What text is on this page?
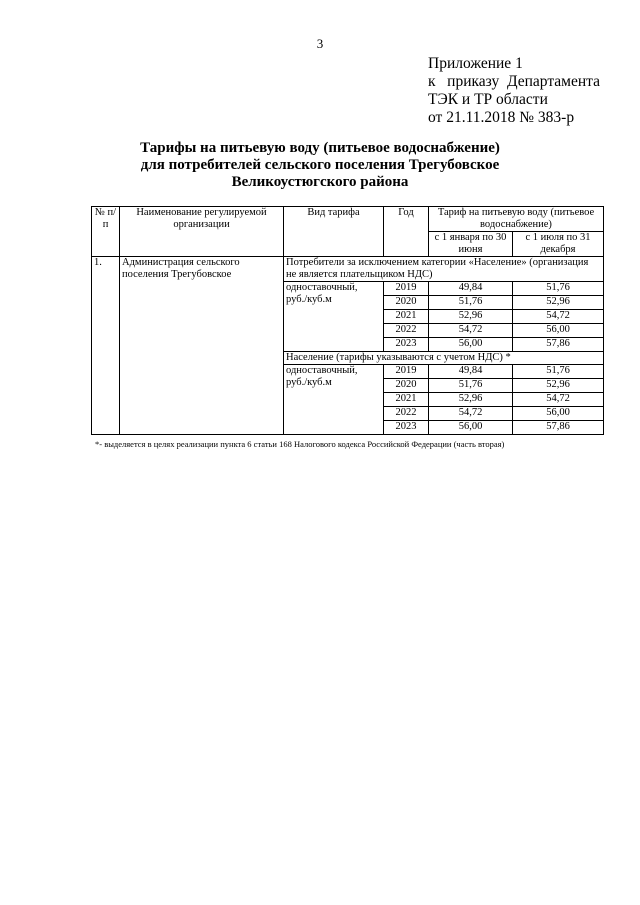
3
Приложение 1
к   приказу  Департамента
ТЭК и ТР области
от 21.11.2018 № 383-р
Тарифы на питьевую воду (питьевое водоснабжение)
для потребителей сельского поселения Трегубовское
Великоустюгского района
№ п/п	Наименование регулируемой организации	Вид тарифа	Год	Тариф на питьевую воду (питьевое водоснабжение)	
				с 1 января по 30 июня	с 1 июля по 31 декабря
1.	Администрация сельского поселения Трегубовское	Потребители за исключением категории «Население» (организация не является плательщиком НДС)			
		одноставочный, руб./куб.м	2019	49,84	51,76
			2020	51,76	52,96
			2021	52,96	54,72
			2022	54,72	56,00
			2023	56,00	57,86
		Население (тарифы указываются с учетом НДС) *			
		одноставочный, руб./куб.м	2019	49,84	51,76
			2020	51,76	52,96
			2021	52,96	54,72
			2022	54,72	56,00
			2023	56,00	57,86
*- выделяется в целях реализации пункта 6 статьи 168 Налогового кодекса Российской Федерации (часть вторая)
